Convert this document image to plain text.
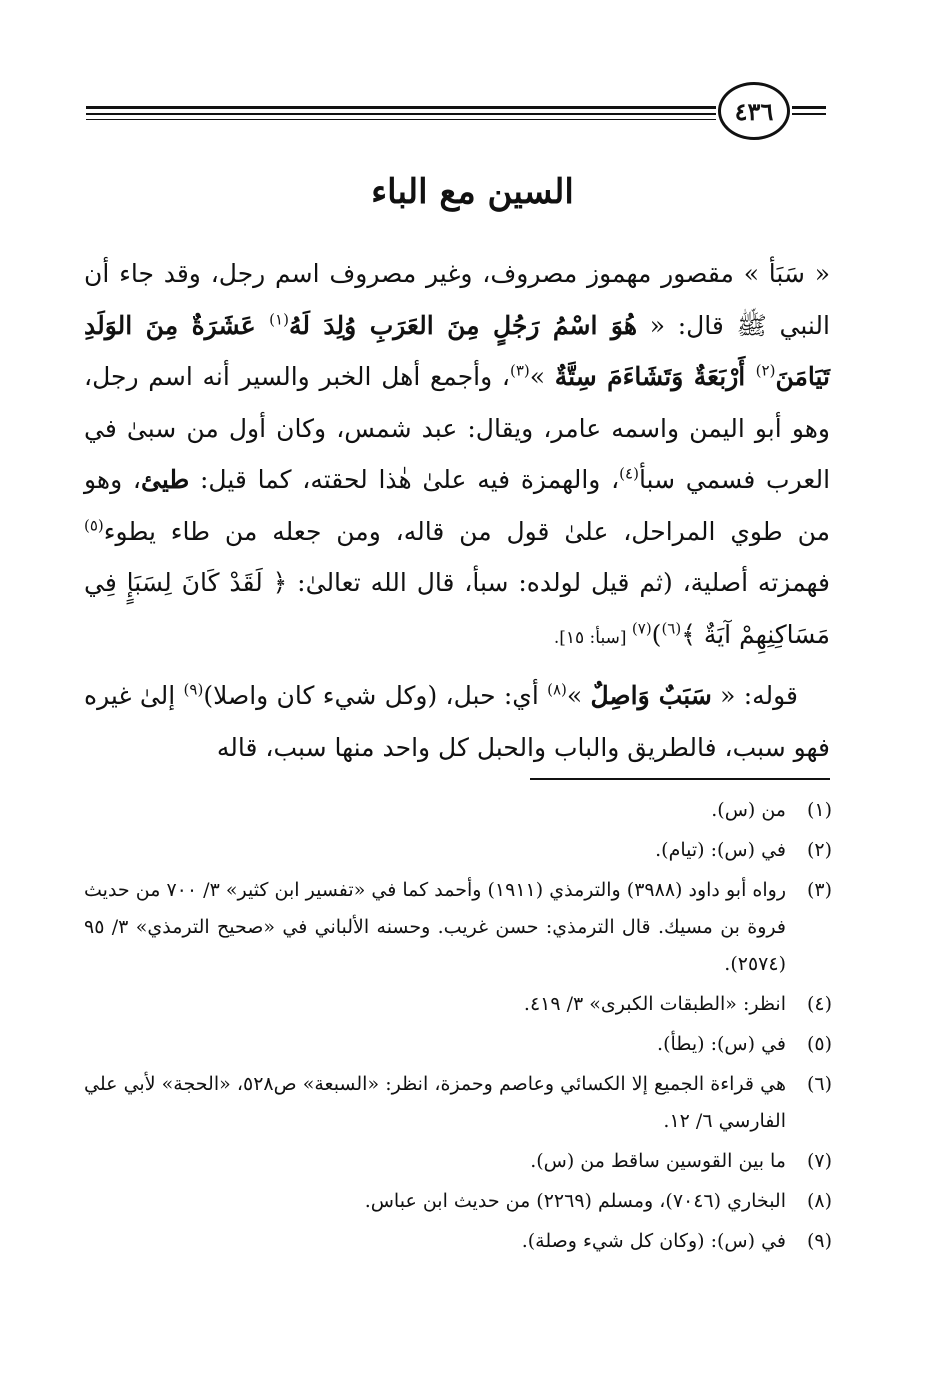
٤٣٦
السين مع الباء

« سَبَأ » مقصور مهموز مصروف، وغير مصروف اسم رجل، وقد جاء أن النبي ﷺ قال: « هُوَ اسْمُ رَجُلٍ مِنَ العَرَبِ وُلِدَ لَهُ$^{(١)}$ عَشَرَةٌ مِنَ الوَلَدِ تَيَامَنَ$^{(٢)}$ أَرْبَعَةٌ وَتَشَاءَمَ سِتَّةٌ »$^{(٣)}$، وأجمع أهل الخبر والسير أنه اسم رجل، وهو أبو اليمن واسمه عامر، ويقال: عبد شمس، وكان أول من سبىٰ في العرب فسمي سبأ$^{(٤)}$، والهمزة فيه علىٰ هٰذا لحقته، كما قيل: طيئ، وهو من طوي المراحل، علىٰ قول من قاله، ومن جعله من طاء يطوء$^{(٥)}$ فهمزته أصلية، (ثم قيل لولده: سبأ، قال الله تعالىٰ: ﴿ لَقَدْ كَانَ لِسَبَإٍ فِي مَسَاكِنِهِمْ آيَةٌ ﴾$^{(٦)}$)$^{(٧)}$ [سبأ: ١٥].

قوله: « سَبَبٌ وَاصِلٌ »$^{(٨)}$ أي: حبل، (وكل شيء كان واصلا)$^{(٩)}$ إلىٰ غيره فهو سبب، فالطريق والباب والحبل كل واحد منها سبب، قاله

(١)
من (س).
(٢)
في (س): (تيام).
(٣)
رواه أبو داود (٣٩٨٨) والترمذي (١٩١١) وأحمد كما في «تفسير ابن كثير» ٣/ ٧٠٠ من حديث فروة بن مسيك. قال الترمذي: حسن غريب. وحسنه الألباني في «صحيح الترمذي» ٣/ ٩٥ (٢٥٧٤).
(٤)
انظر: «الطبقات الكبرى» ٣/ ٤١٩.
(٥)
في (س): (يطأ).
(٦)
هي قراءة الجميع إلا الكسائي وعاصم وحمزة، انظر: «السبعة» ص٥٢٨، «الحجة» لأبي علي الفارسي ٦/ ١٢.
(٧)
ما بين القوسين ساقط من (س).
(٨)
البخاري (٧٠٤٦)، ومسلم (٢٢٦٩) من حديث ابن عباس.
(٩)
في (س): (وكان كل شيء وصلة).
